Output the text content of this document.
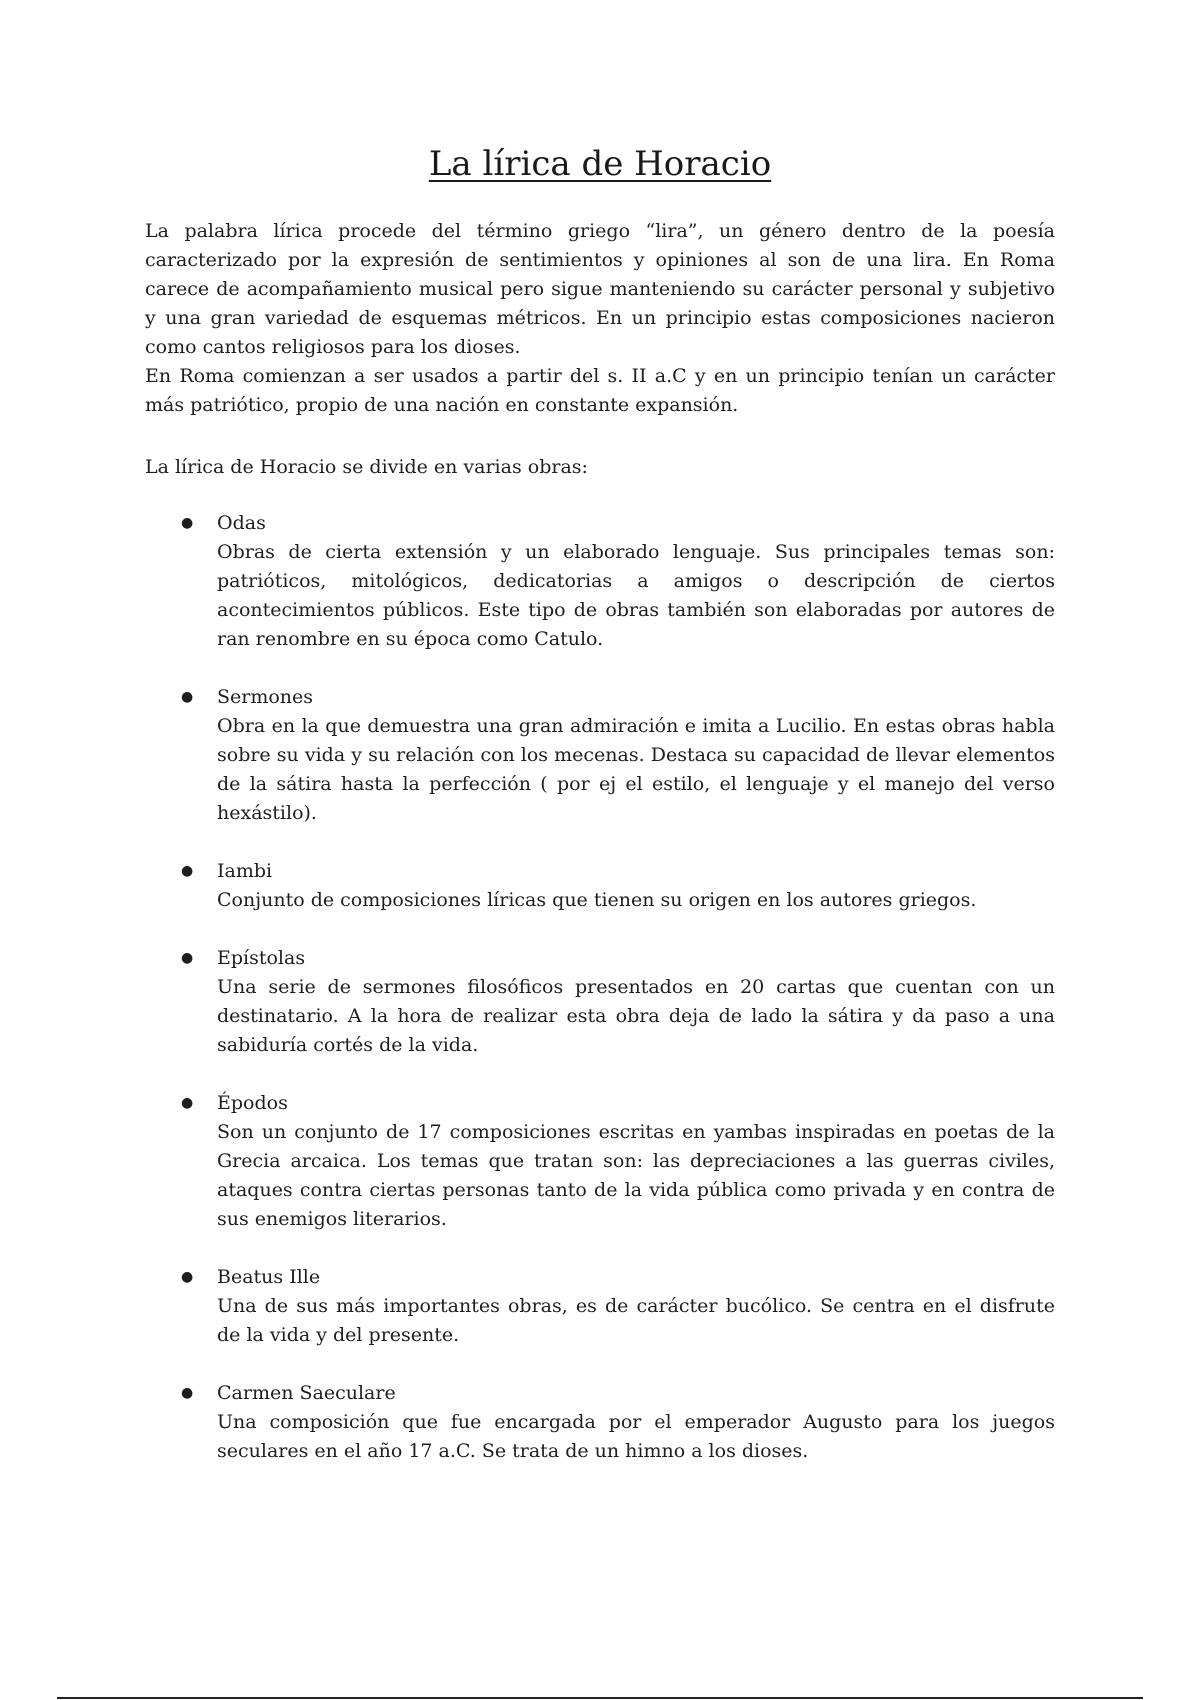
La lírica de Horacio

La palabra lírica procede del término griego “lira”, un género dentro de la poesía caracterizado por la expresión de sentimientos y opiniones al son de una lira. En Roma carece de acompañamiento musical pero sigue manteniendo su carácter personal y subjetivo y una gran variedad de esquemas métricos. En un principio estas composiciones nacieron como cantos religiosos para los dioses.

En Roma comienzan a ser usados a partir del s. II a.C y en un principio tenían un carácter más patriótico, propio de una nación en constante expansión.

La lírica de Horacio se divide en varias obras:

● Odas

Obras de cierta extensión y un elaborado lenguaje. Sus principales temas son: patrióticos, mitológicos, dedicatorias a amigos o descripción de ciertos acontecimientos públicos. Este tipo de obras también son elaboradas por autores de ran renombre en su época como Catulo.

● Sermones

Obra en la que demuestra una gran admiración e imita a Lucilio. En estas obras habla sobre su vida y su relación con los mecenas. Destaca su capacidad de llevar elementos de la sátira hasta la perfección ( por ej el estilo, el lenguaje y el manejo del verso hexástilo).

● Iambi

Conjunto de composiciones líricas que tienen su origen en los autores griegos.

● Epístolas

Una serie de sermones filosóficos presentados en 20 cartas que cuentan con un destinatario. A la hora de realizar esta obra deja de lado la sátira y da paso a una sabiduría cortés de la vida.

● Épodos

Son un conjunto de 17 composiciones escritas en yambas inspiradas en poetas de la Grecia arcaica. Los temas que tratan son: las depreciaciones a las guerras civiles, ataques contra ciertas personas tanto de la vida pública como privada y en contra de sus enemigos literarios.

● Beatus Ille

Una de sus más importantes obras, es de carácter bucólico. Se centra en el disfrute de la vida y del presente.

● Carmen Saeculare

Una composición que fue encargada por el emperador Augusto para los juegos seculares en el año 17 a.C. Se trata de un himno a los dioses.
